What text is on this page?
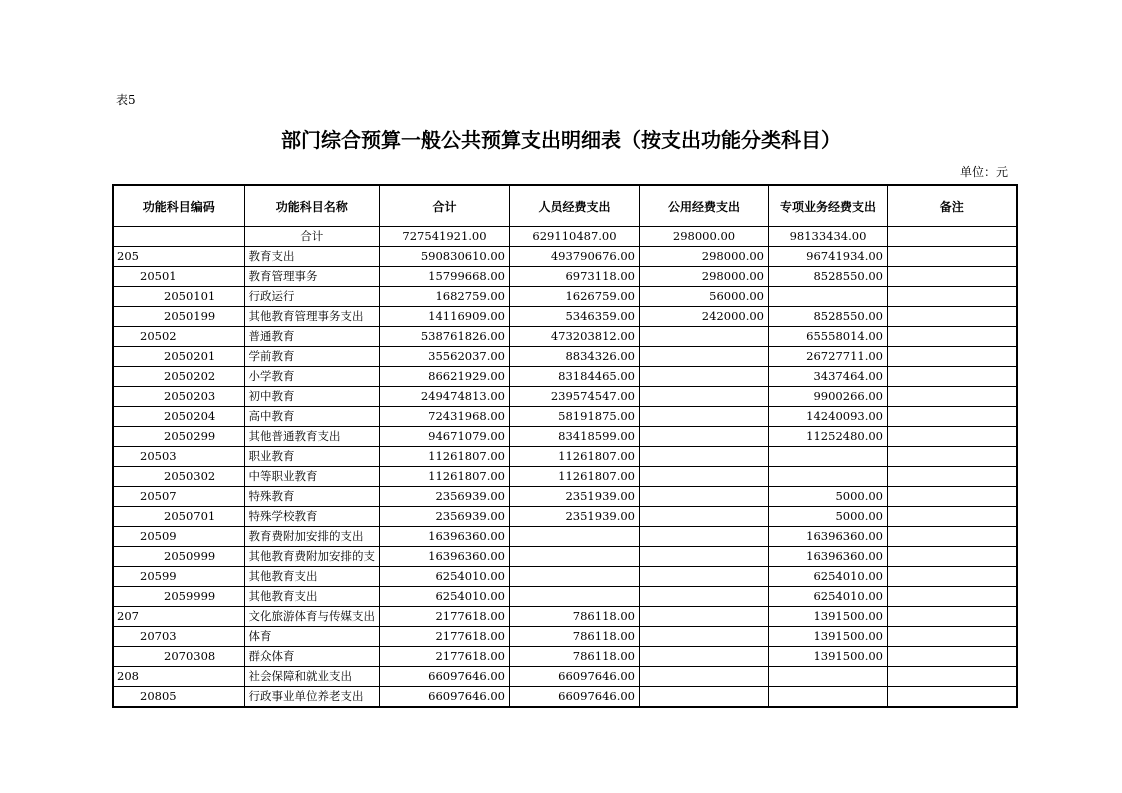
表5
部门综合预算一般公共预算支出明细表（按支出功能分类科目）
单位：元
功能科目编码	功能科目名称	合计	人员经费支出	公用经费支出	专项业务经费支出	备注
	合计	727541921.00	629110487.00	298000.00	98133434.00	
205	教育支出	590830610.00	493790676.00	298000.00	96741934.00	
20501	教育管理事务	15799668.00	6973118.00	298000.00	8528550.00	
2050101	行政运行	1682759.00	1626759.00	56000.00		
2050199	其他教育管理事务支出	14116909.00	5346359.00	242000.00	8528550.00	
20502	普通教育	538761826.00	473203812.00		65558014.00	
2050201	学前教育	35562037.00	8834326.00		26727711.00	
2050202	小学教育	86621929.00	83184465.00		3437464.00	
2050203	初中教育	249474813.00	239574547.00		9900266.00	
2050204	高中教育	72431968.00	58191875.00		14240093.00	
2050299	其他普通教育支出	94671079.00	83418599.00		11252480.00	
20503	职业教育	11261807.00	11261807.00			
2050302	中等职业教育	11261807.00	11261807.00			
20507	特殊教育	2356939.00	2351939.00		5000.00	
2050701	特殊学校教育	2356939.00	2351939.00		5000.00	
20509	教育费附加安排的支出	16396360.00			16396360.00	
2050999	其他教育费附加安排的支	16396360.00			16396360.00	
20599	其他教育支出	6254010.00			6254010.00	
2059999	其他教育支出	6254010.00			6254010.00	
207	文化旅游体育与传媒支出	2177618.00	786118.00		1391500.00	
20703	体育	2177618.00	786118.00		1391500.00	
2070308	群众体育	2177618.00	786118.00		1391500.00	
208	社会保障和就业支出	66097646.00	66097646.00			
20805	行政事业单位养老支出	66097646.00	66097646.00			
